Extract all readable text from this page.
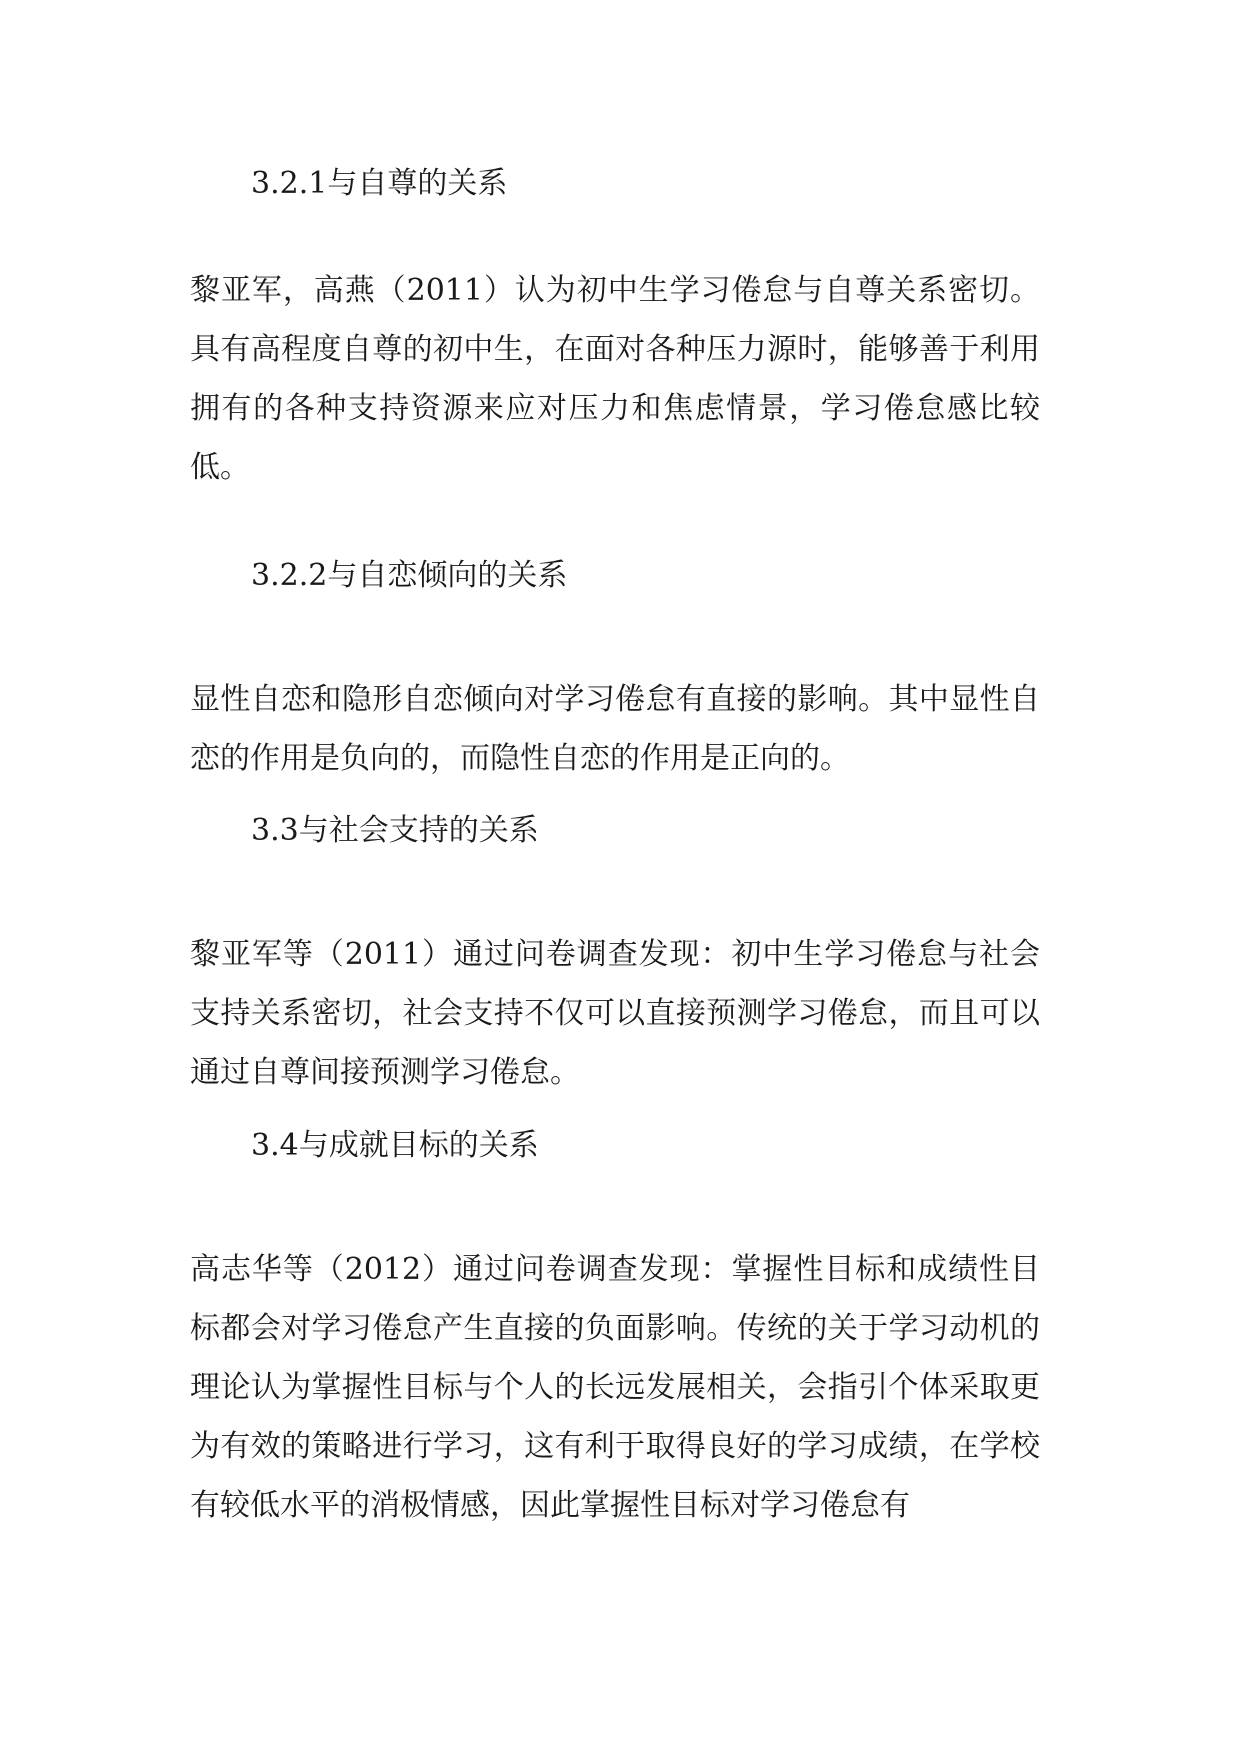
3.2.1与自尊的关系

黎亚军，高燕（2011）认为初中生学习倦怠与自尊关系密切。具有高程度自尊的初中生，在面对各种压力源时，能够善于利用拥有的各种支持资源来应对压力和焦虑情景，学习倦怠感比较低。

3.2.2与自恋倾向的关系

显性自恋和隐形自恋倾向对学习倦怠有直接的影响。其中显性自恋的作用是负向的，而隐性自恋的作用是正向的。

3.3与社会支持的关系

黎亚军等（2011）通过问卷调查发现：初中生学习倦怠与社会支持关系密切，社会支持不仅可以直接预测学习倦怠，而且可以通过自尊间接预测学习倦怠。

3.4与成就目标的关系

高志华等（2012）通过问卷调查发现：掌握性目标和成绩性目标都会对学习倦怠产生直接的负面影响。传统的关于学习动机的理论认为掌握性目标与个人的长远发展相关，会指引个体采取更为有效的策略进行学习，这有利于取得良好的学习成绩，在学校有较低水平的消极情感，因此掌握性目标对学习倦怠有
